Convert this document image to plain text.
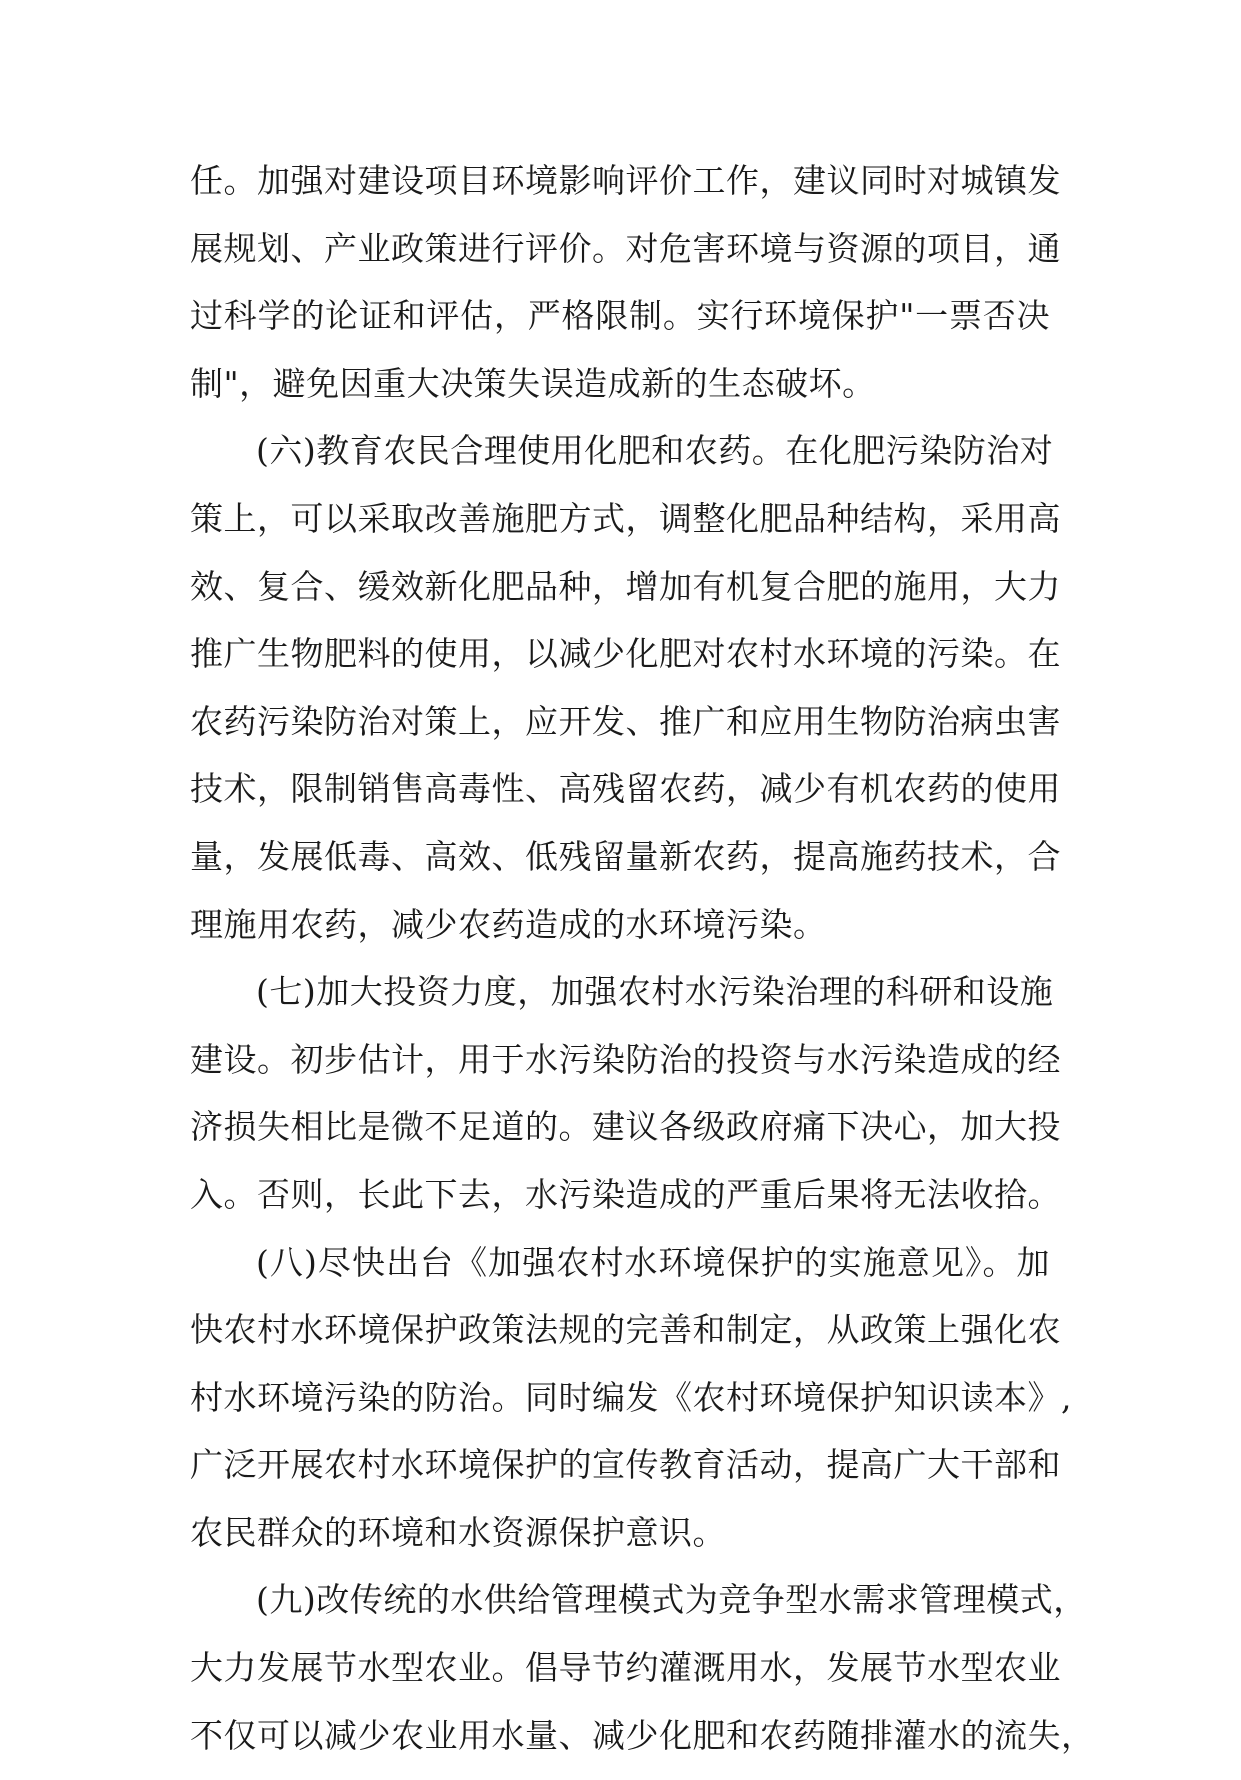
任。加强对建设项目环境影响评价工作，建议同时对城镇发
展规划、产业政策进行评价。对危害环境与资源的项目，通
过科学的论证和评估，严格限制。实行环境保护"一票否决
制"，避免因重大决策失误造成新的生态破坏。
(六)教育农民合理使用化肥和农药。在化肥污染防治对
策上，可以采取改善施肥方式，调整化肥品种结构，采用高
效、复合、缓效新化肥品种，增加有机复合肥的施用，大力
推广生物肥料的使用，以减少化肥对农村水环境的污染。在
农药污染防治对策上，应开发、推广和应用生物防治病虫害
技术，限制销售高毒性、高残留农药，减少有机农药的使用
量，发展低毒、高效、低残留量新农药，提高施药技术，合
理施用农药，减少农药造成的水环境污染。
(七)加大投资力度，加强农村水污染治理的科研和设施
建设。初步估计，用于水污染防治的投资与水污染造成的经
济损失相比是微不足道的。建议各级政府痛下决心，加大投
入。否则，长此下去，水污染造成的严重后果将无法收拾。
(八)尽快出台《加强农村水环境保护的实施意见》。加
快农村水环境保护政策法规的完善和制定，从政策上强化农
村水环境污染的防治。同时编发《农村环境保护知识读本》,
广泛开展农村水环境保护的宣传教育活动，提高广大干部和
农民群众的环境和水资源保护意识。
(九)改传统的水供给管理模式为竞争型水需求管理模式，
大力发展节水型农业。倡导节约灌溉用水，发展节水型农业
不仅可以减少农业用水量、减少化肥和农药随排灌水的流失，
